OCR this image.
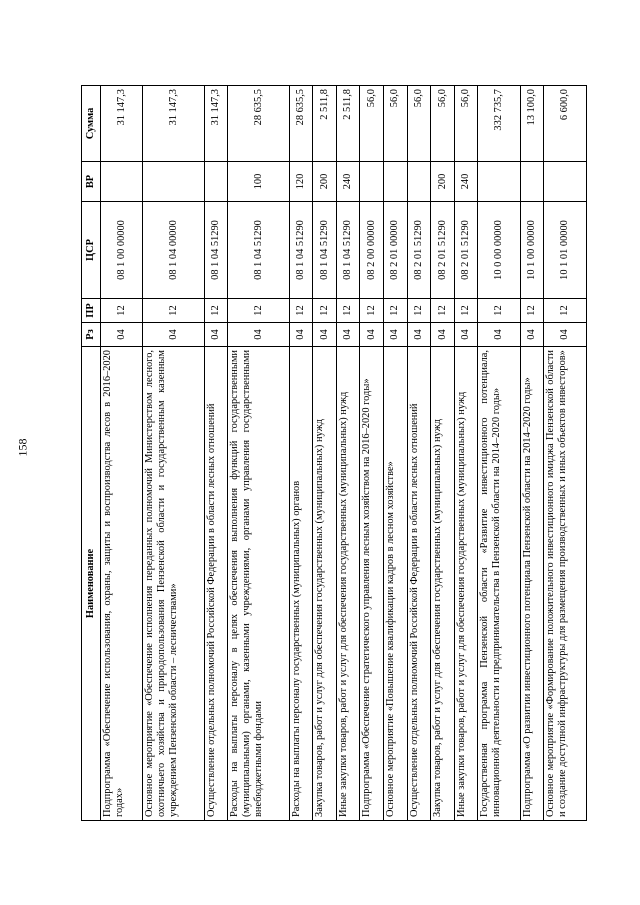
158
Наименование	Рз	ПР	ЦСР	ВР	Сумма
Подпрограмма «Обеспечение использования, охраны, защиты и воспроизводства лесов в 2016–2020 годах»	04	12	08 1 00 00000		31 147,3
Основное мероприятие «Обеспечение исполнения переданных полномочий Министерством лесного, охотничьего хозяйства и природопользования Пензенской области и государственным казенным учреждением Пензенской области – лесничествами»	04	12	08 1 04 00000		31 147,3
Осуществление отдельных полномочий Российской Федерации в области лесных отношений	04	12	08 1 04 51290		31 147,3
Расходы на выплаты персоналу в целях обеспечения выполнения функций государственными (муниципальными) органами, казенными учреждениями, органами управления государственными внебюджетными фондами	04	12	08 1 04 51290	100	28 635,5
Расходы на выплаты персоналу государственных (муниципальных) органов	04	12	08 1 04 51290	120	28 635,5
Закупка товаров, работ и услуг для обеспечения государственных (муниципальных) нужд	04	12	08 1 04 51290	200	2 511,8
Иные закупки товаров, работ и услуг для обеспечения государственных (муниципальных) нужд	04	12	08 1 04 51290	240	2 511,8
Подпрограмма «Обеспечение стратегического управления лесным хозяйством на 2016–2020 годы»	04	12	08 2 00 00000		56,0
Основное мероприятие «Повышение квалификации кадров в лесном хозяйстве»	04	12	08 2 01 00000		56,0
Осуществление отдельных полномочий Российской Федерации в области лесных отношений	04	12	08 2 01 51290		56,0
Закупка товаров, работ и услуг для обеспечения государственных (муниципальных) нужд	04	12	08 2 01 51290	200	56,0
Иные закупки товаров, работ и услуг для обеспечения государственных (муниципальных) нужд	04	12	08 2 01 51290	240	56,0
Государственная программа Пензенской области «Развитие инвестиционного потенциала, инновационной деятельности и предпринимательства в Пензенской области на 2014–2020 годы»	04	12	10 0 00 00000		332 735,7
Подпрограмма «О развитии инвестиционного потенциала Пензенской области на 2014–2020 годы»	04	12	10 1 00 00000		13 100,0
Основное мероприятие «Формирование положительного инвестиционного имиджа Пензенской области и создание доступной инфраструктуры для размещения производственных и иных объектов инвесторов»	04	12	10 1 01 00000		6 600,0
